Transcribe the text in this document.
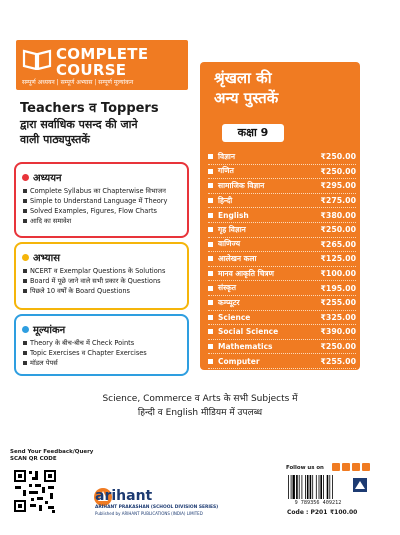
COMPLETE
COURSE
सम्पूर्ण अध्ययन | सम्पूर्ण अभ्यास | सम्पूर्ण मूल्यांकन
Teachers व Toppers
द्वारा सर्वाधिक पसन्द की जाने
वाली पाठ्यपुस्तकें
अध्ययन
Complete Syllabus का Chapterwise विभाजन
Simple to Understand Language में Theory
Solved Examples, Figures, Flow Charts
आदि का समावेश
अभ्यास
NCERT व Exemplar Questions के Solutions
Board में पूछे जाने वाले सभी प्रकार के Questions
पिछले 10 वर्षों के Board Questions
मूल्यांकन
Theory के बीच-बीच में Check Points
Topic Exercises व Chapter Exercises
मॉडल पेपर्स
श्रृंखला की
अन्य पुस्तकें
कक्षा 9
विज्ञान	₹250.00
गणित	₹250.00
सामाजिक विज्ञान	₹295.00
हिन्दी	₹275.00
English	₹380.00
गृह विज्ञान	₹250.00
वाणिज्य	₹265.00
आलेखन कला	₹125.00
मानव आकृति चित्रण	₹100.00
संस्कृत	₹195.00
कम्प्यूटर	₹255.00
Science	₹325.00
Social Science	₹390.00
Mathematics	₹250.00
Computer	₹255.00
Science, Commerce व Arts के सभी Subjects में
हिन्दी व English मीडियम में उपलब्ध
Send Your Feedback/Query
SCAN QR CODE
arihant
ARIHANT PRAKASHAN (SCHOOL DIVISION SERIES)
Published by ARIHANT PUBLICATIONS (INDIA) LIMITED
Follow us on
9 789356 409212
Code : P201 ₹100.00
